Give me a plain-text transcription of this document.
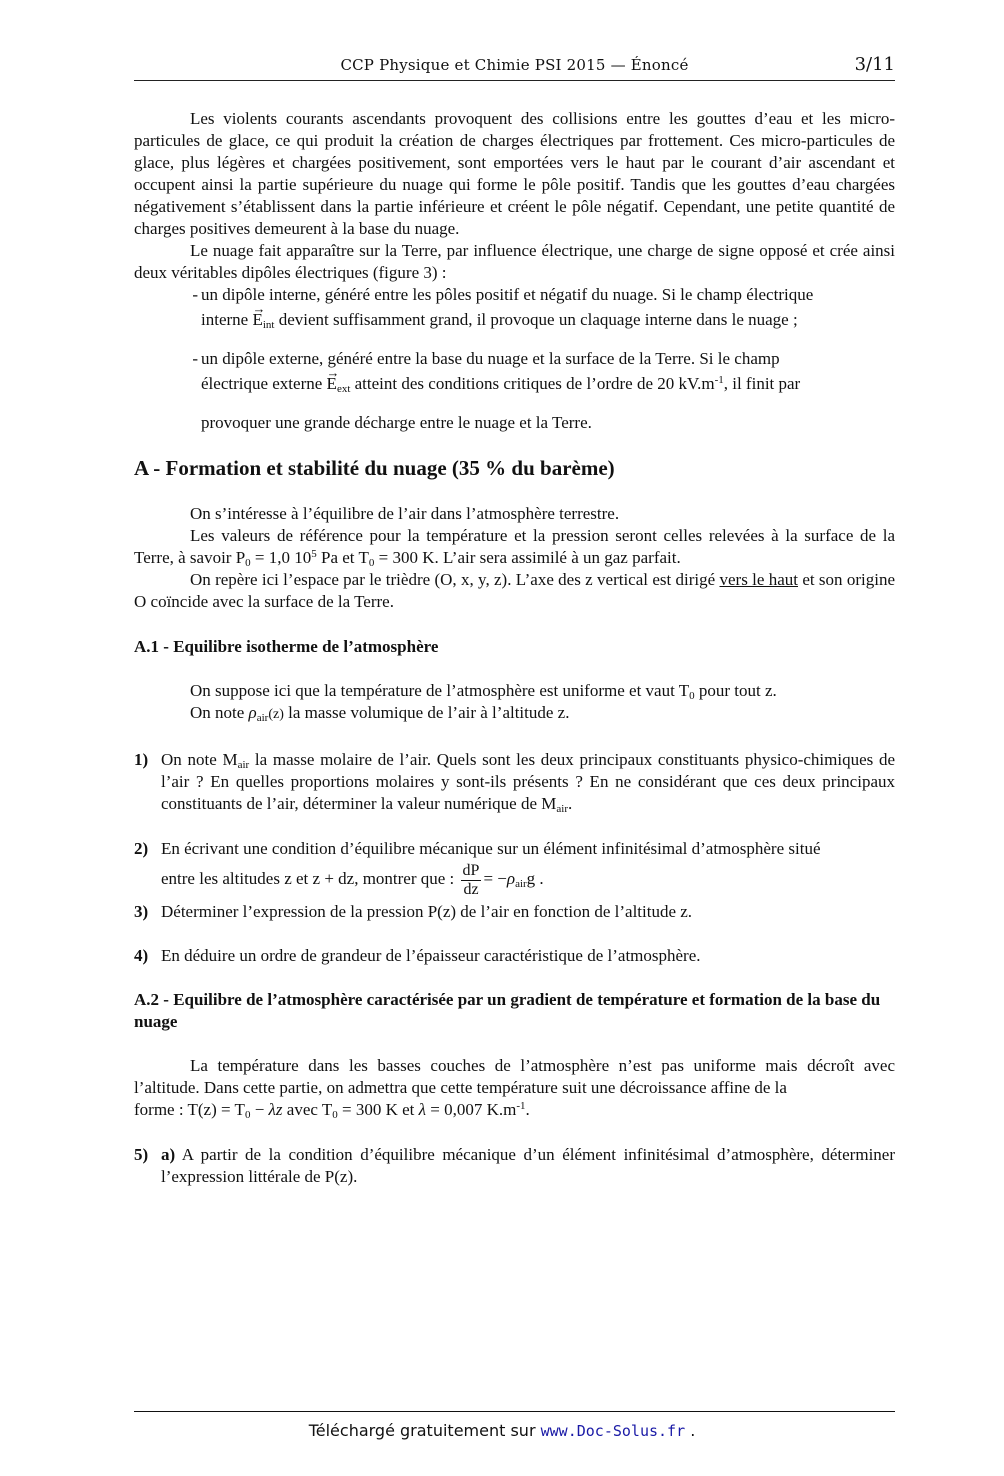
CCP Physique et Chimie PSI 2015 — Énoncé	3/11

Les violents courants ascendants provoquent des collisions entre les gouttes d’eau et les micro-particules de glace, ce qui produit la création de charges électriques par frottement. Ces micro-particules de glace, plus légères et chargées positivement, sont emportées vers le haut par le courant d’air ascendant et occupent ainsi la partie supérieure du nuage qui forme le pôle positif. Tandis que les gouttes d’eau chargées négativement s’établissent dans la partie inférieure et créent le pôle négatif. Cependant, une petite quantité de charges positives demeurent à la base du nuage.

Le nuage fait apparaître sur la Terre, par influence électrique, une charge de signe opposé et crée ainsi deux véritables dipôles électriques (figure 3) :

- un dipôle interne, généré entre les pôles positif et négatif du nuage. Si le champ électrique

interne → $E_{int}$ devient suffisamment grand, il provoque un claquage interne dans le nuage ;

- un dipôle externe, généré entre la base du nuage et la surface de la Terre. Si le champ

électrique externe → $E_{ext}$ atteint des conditions critiques de l’ordre de 20 $kV.m^{-1}$, il finit par

provoquer une grande décharge entre le nuage et la Terre.

A - Formation et stabilité du nuage (35 % du barème)

On s’intéresse à l’équilibre de l’air dans l’atmosphère terrestre.

Les valeurs de référence pour la température et la pression seront celles relevées à la surface de la Terre, à savoir $P_0 = 1,0$ $10^5$ Pa et $T_0 = 300$ K. L’air sera assimilé à un gaz parfait.

On repère ici l’espace par le trièdre (O, x, y, z). L’axe des z vertical est dirigé vers le haut et son origine O coïncide avec la surface de la Terre.

A.1 - Equilibre isotherme de l’atmosphère

On suppose ici que la température de l’atmosphère est uniforme et vaut $T_0$ pour tout z.

On note $\rho_{air}(z)$ la masse volumique de l’air à l’altitude z.

1) On note $M_{air}$ la masse molaire de l’air. Quels sont les deux principaux constituants physico-chimiques de l’air ? En quelles proportions molaires y sont-ils présents ? En ne considérant que ces deux principaux constituants de l’air, déterminer la valeur numérique de $M_{air}$.
2) En écrivant une condition d’équilibre mécanique sur un élément infinitésimal d’atmosphère situé
entre les altitudes z et z + dz, montrer que : $\frac{dP}{dz} = -\rho_{air}g$ .
3) Déterminer l’expression de la pression P(z) de l’air en fonction de l’altitude z.
4) En déduire un ordre de grandeur de l’épaisseur caractéristique de l’atmosphère.
A.2 - Equilibre de l’atmosphère caractérisée par un gradient de température et formation de la base du nuage

La température dans les basses couches de l’atmosphère n’est pas uniforme mais décroît avec l’altitude. Dans cette partie, on admettra que cette température suit une décroissance affine de la

forme : $T(z) = T_0 - \lambda z$ avec $T_0 = 300$ K et λ = 0,007 $K.m^{-1}$.

5) a) A partir de la condition d’équilibre mécanique d’un élément infinitésimal d’atmosphère, déterminer l’expression littérale de P(z).
Téléchargé gratuitement sur www.Doc-Solus.fr .
